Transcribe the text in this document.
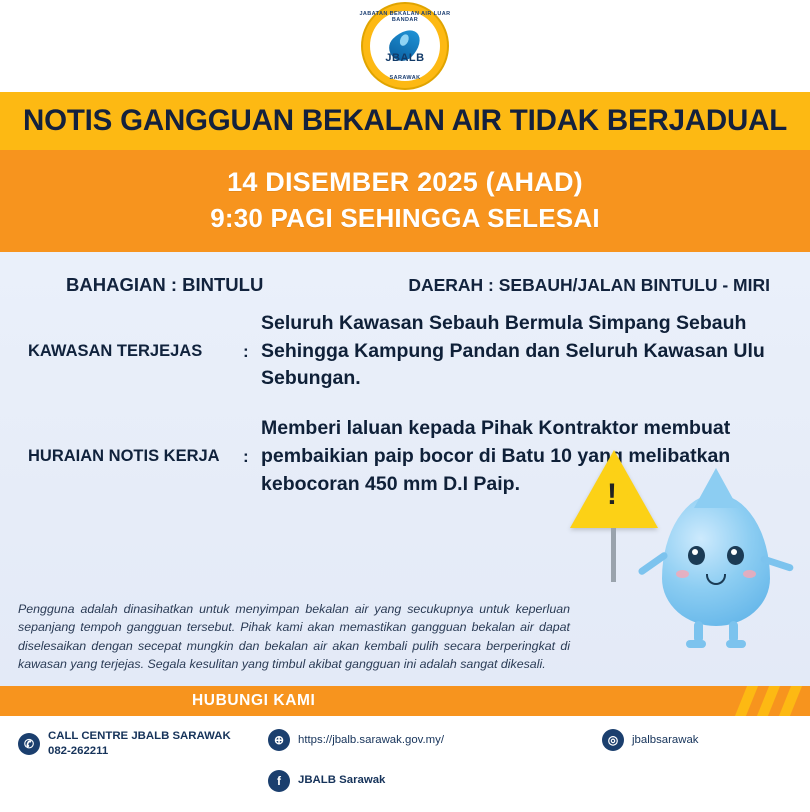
JABATAN BEKALAN AIR LUAR BANDAR
JBALB
SARAWAK
NOTIS GANGGUAN BEKALAN AIR TIDAK BERJADUAL
14 DISEMBER 2025 (AHAD)
9:30 PAGI SEHINGGA SELESAI
BAHAGIAN : BINTULU	DAERAH : SEBAUH/JALAN BINTULU - MIRI
KAWASAN TERJEJAS	:
Seluruh Kawasan Sebauh Bermula Simpang Sebauh Sehingga Kampung Pandan dan Seluruh Kawasan Ulu Sebungan.
HURAIAN NOTIS KERJA	:
Memberi laluan kepada Pihak Kontraktor membuat pembaikian paip bocor di Batu 10 yang melibatkan kebocoran 450 mm D.I Paip.
Pengguna adalah dinasihatkan untuk menyimpan bekalan air yang secukupnya untuk keperluan sepanjang tempoh gangguan tersebut. Pihak kami akan memastikan gangguan bekalan air dapat diselesaikan dengan secepat mungkin dan bekalan air akan kembali pulih secara berperingkat di kawasan yang terjejas. Segala kesulitan yang timbul akibat gangguan ini adalah sangat dikesali.
!
HUBUNGI KAMI
✆
CALL CENTRE JBALB SARAWAK
082-262211
⊕	https://jbalb.sarawak.gov.my/	◎	jbalbsarawak
f	JBALB Sarawak
